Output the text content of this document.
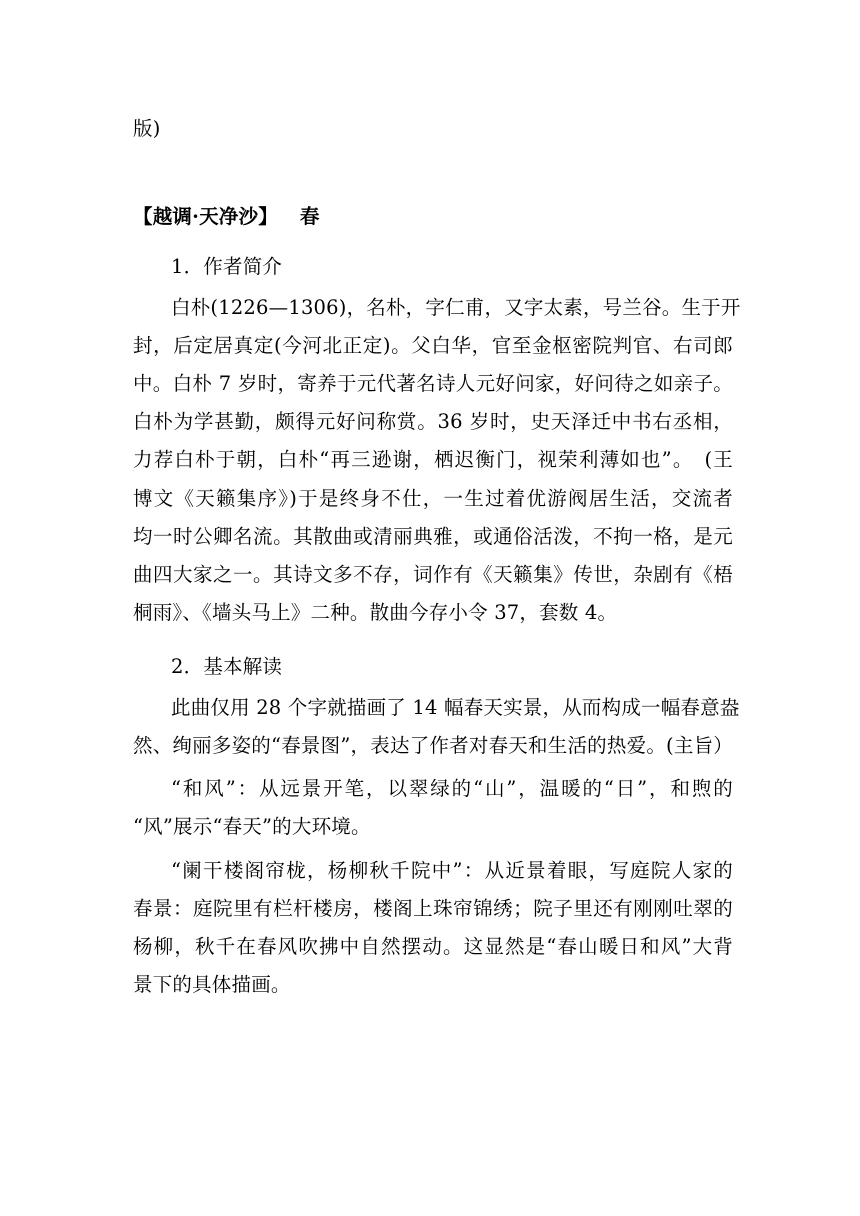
版)
【越调·天净沙】 春
1．作者简介
白朴(1226—1306)，名朴，字仁甫，又字太素，号兰谷。生于开
封，后定居真定(今河北正定)。父白华，官至金枢密院判官、右司郎
中。白朴 7 岁时，寄养于元代著名诗人元好问家，好问待之如亲子。
白朴为学甚勤，颇得元好问称赏。36 岁时，史天泽迁中书右丞相，
力荐白朴于朝，白朴“再三逊谢，栖迟衡门，视荣利薄如也”。　(王
博文《天籁集序》)于是终身不仕，一生过着优游阀居生活，交流者
均一时公卿名流。其散曲或清丽典雅，或通俗活泼，不拘一格，是元
曲四大家之一。其诗文多不存，词作有《天籁集》传世，杂剧有《梧
桐雨》、《墙头马上》二种。散曲今存小令 37，套数 4。
2．基本解读
此曲仅用 28 个字就描画了 14 幅春天实景，从而构成一幅春意盎
然、绚丽多姿的“春景图”，表达了作者对春天和生活的热爱。(主旨）
“和风”：从远景开笔，以翠绿的“山”，温暖的“日”，和煦的
“风”展示“春天”的大环境。
“阑干楼阁帘栊，杨柳秋千院中”：从近景着眼，写庭院人家的
春景：庭院里有栏杆楼房，楼阁上珠帘锦绣；院子里还有刚刚吐翠的
杨柳，秋千在春风吹拂中自然摆动。这显然是“春山暖日和风”大背
景下的具体描画。
